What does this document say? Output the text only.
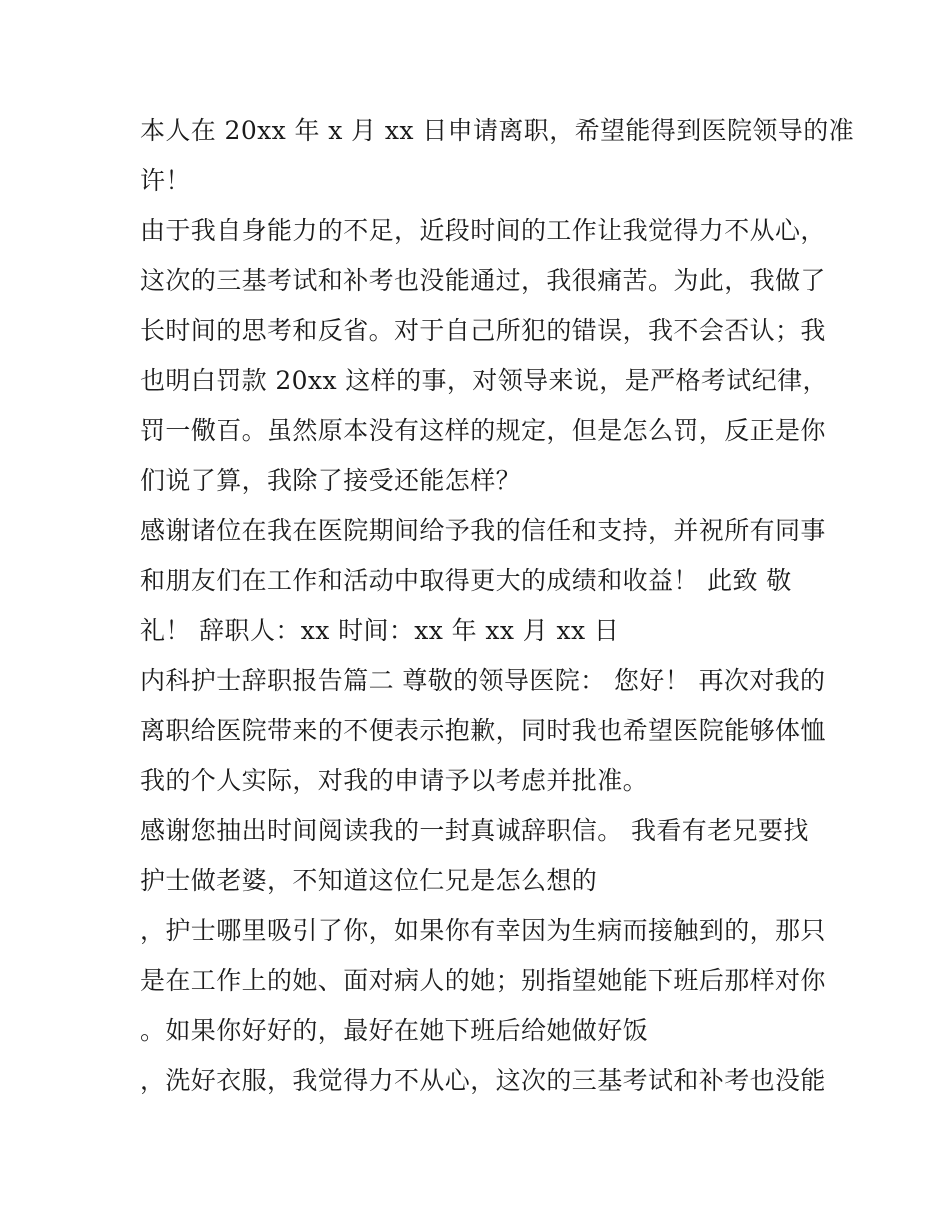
本人在 20xx 年 x 月 xx 日申请离职，希望能得到医院领导的准
许！
由于我自身能力的不足，近段时间的工作让我觉得力不从心，
这次的三基考试和补考也没能通过，我很痛苦。为此，我做了
长时间的思考和反省。对于自己所犯的错误，我不会否认；我
也明白罚款 20xx 这样的事，对领导来说，是严格考试纪律，
罚一儆百。虽然原本没有这样的规定，但是怎么罚，反正是你
们说了算，我除了接受还能怎样？
感谢诸位在我在医院期间给予我的信任和支持，并祝所有同事
和朋友们在工作和活动中取得更大的成绩和收益！ 此致 敬
礼！ 辞职人：xx 时间：xx 年 xx 月 xx 日
内科护士辞职报告篇二 尊敬的领导医院： 您好！ 再次对我的
离职给医院带来的不便表示抱歉，同时我也希望医院能够体恤
我的个人实际，对我的申请予以考虑并批准。
感谢您抽出时间阅读我的一封真诚辞职信。 我看有老兄要找
护士做老婆，不知道这位仁兄是怎么想的
，护士哪里吸引了你，如果你有幸因为生病而接触到的，那只
是在工作上的她、面对病人的她；别指望她能下班后那样对你
。如果你好好的，最好在她下班后给她做好饭
，洗好衣服，我觉得力不从心，这次的三基考试和补考也没能
